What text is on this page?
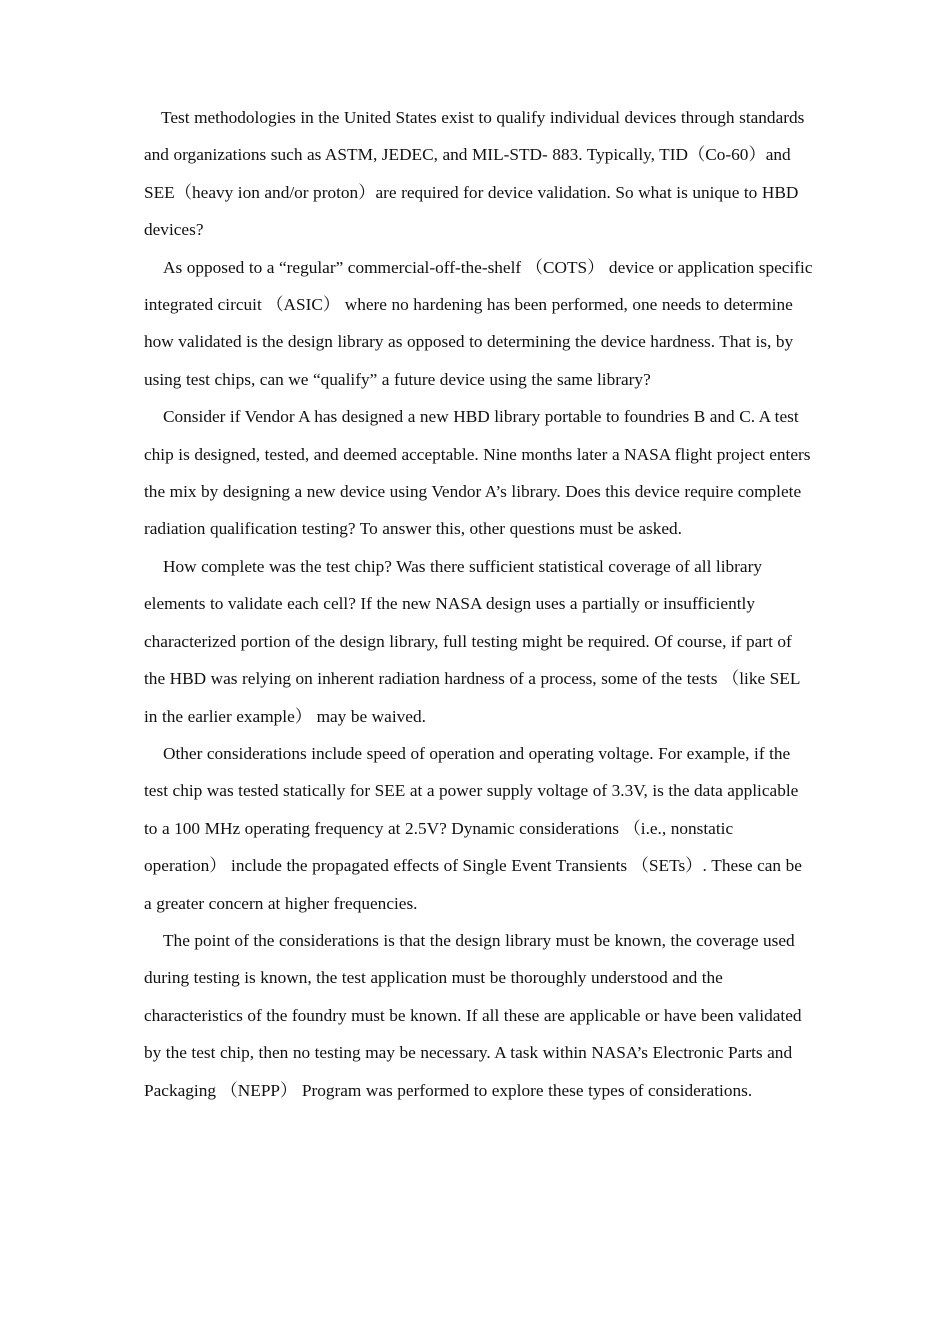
Test methodologies in the United States exist to qualify individual devices through standards and organizations such as ASTM, JEDEC, and MIL-STD- 883. Typically, TID（Co-60）and SEE（heavy ion and/or proton）are required for device validation. So what is unique to HBD devices?

As opposed to a “regular” commercial-off-the-shelf （COTS） device or application specific integrated circuit （ASIC） where no hardening has been performed, one needs to determine how validated is the design library as opposed to determining the device hardness. That is, by using test chips, can we “qualify” a future device using the same library?

Consider if Vendor A has designed a new HBD library portable to foundries B and C. A test chip is designed, tested, and deemed acceptable. Nine months later a NASA flight project enters the mix by designing a new device using Vendor A’s library. Does this device require complete radiation qualification testing? To answer this, other questions must be asked.

How complete was the test chip? Was there sufficient statistical coverage of all library elements to validate each cell? If the new NASA design uses a partially or insufficiently characterized portion of the design library, full testing might be required. Of course, if part of the HBD was relying on inherent radiation hardness of a process, some of the tests （like SEL in the earlier example） may be waived.

Other considerations include speed of operation and operating voltage. For example, if the test chip was tested statically for SEE at a power supply voltage of 3.3V, is the data applicable to a 100 MHz operating frequency at 2.5V? Dynamic considerations （i.e., nonstatic operation） include the propagated effects of Single Event Transients （SETs）. These can be a greater concern at higher frequencies.

The point of the considerations is that the design library must be known, the coverage used during testing is known, the test application must be thoroughly understood and the characteristics of the foundry must be known. If all these are applicable or have been validated by the test chip, then no testing may be necessary. A task within NASA’s Electronic Parts and Packaging （NEPP） Program was performed to explore these types of considerations.
